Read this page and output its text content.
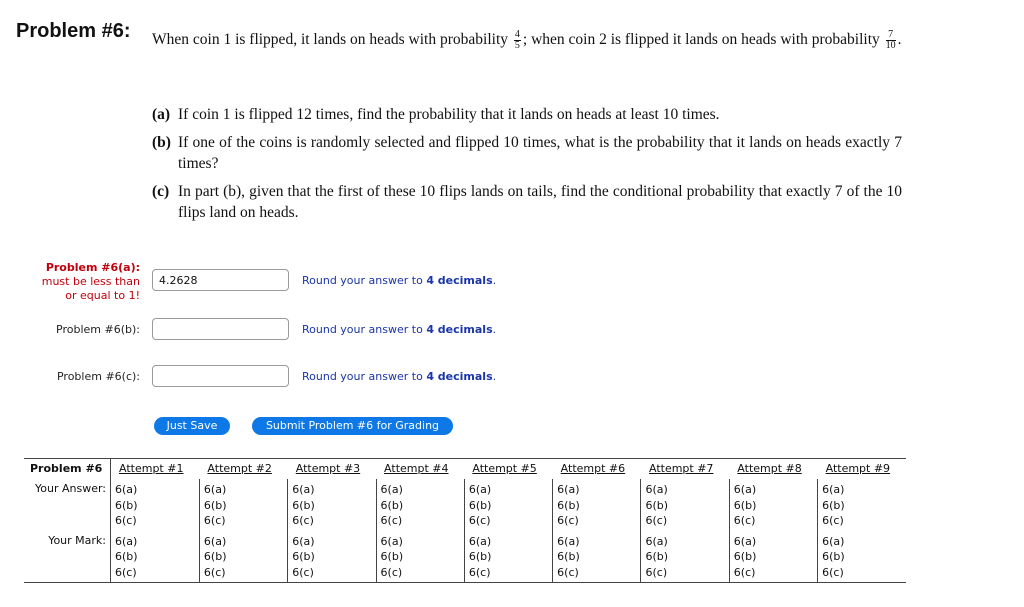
Problem #6: When coin 1 is flipped, it lands on heads with probability $\frac{4}{5}$ ; when coin 2 is flipped it lands on heads with probability $\frac{7}{10}$ .
(a) If coin 1 is flipped 12 times, find the probability that it lands on heads at least 10 times.
(b) If one of the coins is randomly selected and flipped 10 times, what is the probability that it lands on heads exactly 7 times?
(c) In part (b), given that the first of these 10 flips lands on tails, find the conditional probability that exactly 7 of the 10 flips land on heads.
Problem #6(a):
must be less than
or equal to 1!
4.2628
Round your answer to 4 decimals.
Problem #6(b):	Round your answer to 4 decimals.
Problem #6(c):	Round your answer to 4 decimals.
Just Save	Submit Problem #6 for Grading
Problem #6	Attempt #1	Attempt #2	Attempt #3	Attempt #4	Attempt #5	Attempt #6	Attempt #7	Attempt #8	Attempt #9
Your Answer:	6(a)
6(b)
6(c)	6(a)
6(b)
6(c)	6(a)
6(b)
6(c)	6(a)
6(b)
6(c)	6(a)
6(b)
6(c)	6(a)
6(b)
6(c)	6(a)
6(b)
6(c)	6(a)
6(b)
6(c)	6(a)
6(b)
6(c)

Your Mark:	6(a)
6(b)
6(c)	6(a)
6(b)
6(c)	6(a)
6(b)
6(c)	6(a)
6(b)
6(c)	6(a)
6(b)
6(c)	6(a)
6(b)
6(c)	6(a)
6(b)
6(c)	6(a)
6(b)
6(c)	6(a)
6(b)
6(c)
